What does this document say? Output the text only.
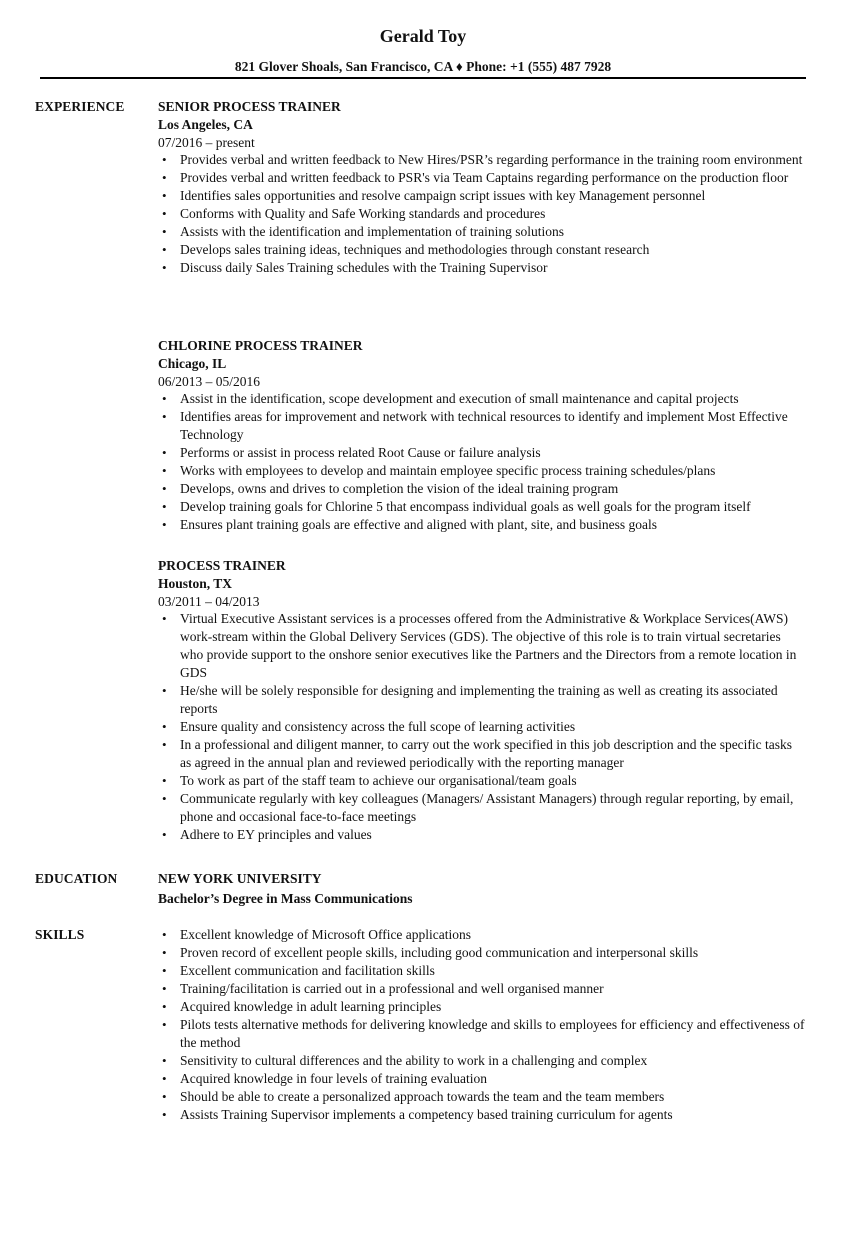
Gerald Toy
821 Glover Shoals, San Francisco, CA ♦ Phone: +1 (555) 487 7928
EXPERIENCE SENIOR PROCESS TRAINER
Los Angeles, CA
07/2016 – present
• Provides verbal and written feedback to New Hires/PSR’s regarding performance in the training room environment
• Provides verbal and written feedback to PSR's via Team Captains regarding performance on the production floor
• Identifies sales opportunities and resolve campaign script issues with key Management personnel
• Conforms with Quality and Safe Working standards and procedures
• Assists with the identification and implementation of training solutions
• Develops sales training ideas, techniques and methodologies through constant research
• Discuss daily Sales Training schedules with the Training Supervisor
CHLORINE PROCESS TRAINER
Chicago, IL
06/2013 – 05/2016
• Assist in the identification, scope development and execution of small maintenance and capital projects
• Identifies areas for improvement and network with technical resources to identify and implement Most Effective Technology
• Performs or assist in process related Root Cause or failure analysis
• Works with employees to develop and maintain employee specific process training schedules/plans
• Develops, owns and drives to completion the vision of the ideal training program
• Develop training goals for Chlorine 5 that encompass individual goals as well goals for the program itself
• Ensures plant training goals are effective and aligned with plant, site, and business goals
PROCESS TRAINER
Houston, TX
03/2011 – 04/2013
• Virtual Executive Assistant services is a processes offered from the Administrative & Workplace Services(AWS) work-stream within the Global Delivery Services (GDS). The objective of this role is to train virtual secretaries who provide support to the onshore senior executives like the Partners and the Directors from a remote location in GDS
• He/she will be solely responsible for designing and implementing the training as well as creating its associated reports
• Ensure quality and consistency across the full scope of learning activities
• In a professional and diligent manner, to carry out the work specified in this job description and the specific tasks as agreed in the annual plan and reviewed periodically with the reporting manager
• To work as part of the staff team to achieve our organisational/team goals
• Communicate regularly with key colleagues (Managers/ Assistant Managers) through regular reporting, by email, phone and occasional face-to-face meetings
• Adhere to EY principles and values
EDUCATION	NEW YORK UNIVERSITY
Bachelor’s Degree in Mass Communications
SKILLS
•	Excellent knowledge of Microsoft Office applications
• Proven record of excellent people skills, including good communication and interpersonal skills
• Excellent communication and facilitation skills
• Training/facilitation is carried out in a professional and well organised manner
• Acquired knowledge in adult learning principles
• Pilots tests alternative methods for delivering knowledge and skills to employees for efficiency and effectiveness of the method
• Sensitivity to cultural differences and the ability to work in a challenging and complex
• Acquired knowledge in four levels of training evaluation
• Should be able to create a personalized approach towards the team and the team members
• Assists Training Supervisor implements a competency based training curriculum for agents
